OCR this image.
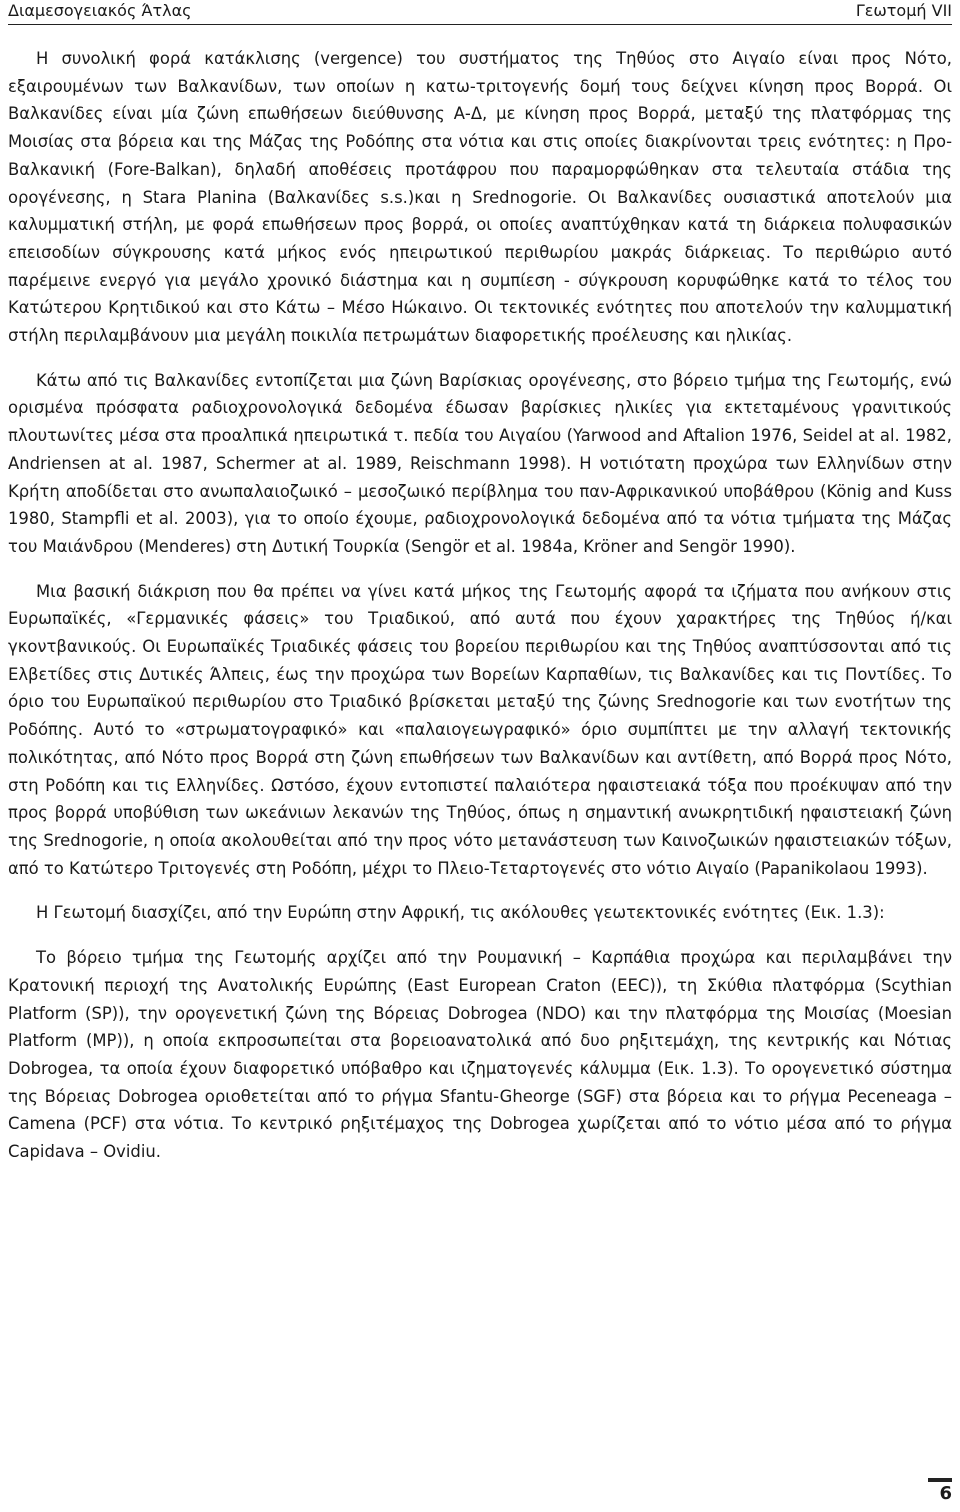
Διαμεσογειακός Άτλας	Γεωτομή VII

Η συνολική φορά κατάκλισης (vergence) του συστήματος της Τηθύος στο Αιγαίο είναι προς Νότο, εξαιρουμένων των Βαλκανίδων, των οποίων η κατω-τριτογενής δομή τους δείχνει κίνηση προς Βορρά. Οι Βαλκανίδες είναι μία ζώνη επωθήσεων διεύθυνσης Α-Δ, με κίνηση προς Βορρά, μεταξύ της πλατφόρμας της Μοισίας στα βόρεια και της Μάζας της Ροδόπης στα νότια και στις οποίες διακρίνονται τρεις ενότητες: η Προ-Βαλκανική (Fore-Balkan), δηλαδή αποθέσεις προτάφρου που παραμορφώθηκαν στα τελευταία στάδια της ορογένεσης, η Stara Planina (Βαλκανίδες s.s.)και η Srednogorie. Οι Βαλκανίδες ουσιαστικά αποτελούν μια καλυμματική στήλη, με φορά επωθήσεων προς βορρά, οι οποίες αναπτύχθηκαν κατά τη διάρκεια πολυφασικών επεισοδίων σύγκρουσης κατά μήκος ενός ηπειρωτικού περιθωρίου μακράς διάρκειας. Το περιθώριο αυτό παρέμεινε ενεργό για μεγάλο χρονικό διάστημα και η συμπίεση - σύγκρουση κορυφώθηκε κατά το τέλος του Κατώτερου Κρητιδικού και στο Κάτω – Μέσο Ηώκαινο. Οι τεκτονικές ενότητες που αποτελούν την καλυμματική στήλη περιλαμβάνουν μια μεγάλη ποικιλία πετρωμάτων διαφορετικής προέλευσης και ηλικίας.

Κάτω από τις Βαλκανίδες εντοπίζεται μια ζώνη Βαρίσκιας ορογένεσης, στο βόρειο τμήμα της Γεωτομής, ενώ ορισμένα πρόσφατα ραδιοχρονολογικά δεδομένα έδωσαν βαρίσκιες ηλικίες για εκτεταμένους γρανιτικούς πλουτωνίτες μέσα στα προαλπικά ηπειρωτικά τ. πεδία του Αιγαίου (Yarwood and Aftalion 1976, Seidel at al. 1982, Andriensen at al. 1987, Schermer at al. 1989, Reischmann 1998). Η νοτιότατη προχώρα των Ελληνίδων στην Κρήτη αποδίδεται στο ανωπαλαιοζωικό – μεσοζωικό περίβλημα του παν-Αφρικανικού υποβάθρου (König and Kuss 1980, Stampfli et al. 2003), για το οποίο έχουμε, ραδιοχρονολογικά δεδομένα από τα νότια τμήματα της Μάζας του Μαιάνδρου (Menderes) στη Δυτική Τουρκία (Sengör et al. 1984a, Kröner and Sengör 1990).

Μια βασική διάκριση που θα πρέπει να γίνει κατά μήκος της Γεωτομής αφορά τα ιζήματα που ανήκουν στις Ευρωπαϊκές, «Γερμανικές φάσεις» του Τριαδικού, από αυτά που έχουν χαρακτήρες της Τηθύος ή/και γκοντβανικούς. Οι Ευρωπαϊκές Τριαδικές φάσεις του βορείου περιθωρίου και της Τηθύος αναπτύσσονται από τις Ελβετίδες στις Δυτικές Άλπεις, έως την προχώρα των Βορείων Καρπαθίων, τις Βαλκανίδες και τις Ποντίδες. Το όριο του Ευρωπαϊκού περιθωρίου στο Τριαδικό βρίσκεται μεταξύ της ζώνης Srednogorie και των ενοτήτων της Ροδόπης. Αυτό το «στρωματογραφικό» και «παλαιογεωγραφικό» όριο συμπίπτει με την αλλαγή τεκτονικής πολικότητας, από Νότο προς Βορρά στη ζώνη επωθήσεων των Βαλκανίδων και αντίθετη, από Βορρά προς Νότο, στη Ροδόπη και τις Ελληνίδες. Ωστόσο, έχουν εντοπιστεί παλαιότερα ηφαιστειακά τόξα που προέκυψαν από την προς βορρά υποβύθιση των ωκεάνιων λεκανών της Τηθύος, όπως η σημαντική ανωκρητιδική ηφαιστειακή ζώνη της Srednogorie, η οποία ακολουθείται από την προς νότο μετανάστευση των Καινοζωικών ηφαιστειακών τόξων, από το Κατώτερο Τριτογενές στη Ροδόπη, μέχρι το Πλειο-Τεταρτογενές στο νότιο Αιγαίο (Papanikolaou 1993).

Η Γεωτομή διασχίζει, από την Ευρώπη στην Αφρική, τις ακόλουθες γεωτεκτονικές ενότητες (Εικ. 1.3):

Το βόρειο τμήμα της Γεωτομής αρχίζει από την Ρουμανική – Καρπάθια προχώρα και περιλαμβάνει την Κρατονική περιοχή της Ανατολικής Ευρώπης (East European Craton (EEC)), τη Σκύθια πλατφόρμα (Scythian Platform (SP)), την ορογενετική ζώνη της Βόρειας Dobrogea (NDO) και την πλατφόρμα της Μοισίας (Moesian Platform (MP)), η οποία εκπροσωπείται στα βορειοανατολικά από δυο ρηξιτεμάχη, της κεντρικής και Νότιας Dobrogea, τα οποία έχουν διαφορετικό υπόβαθρο και ιζηματογενές κάλυμμα (Εικ. 1.3). Το ορογενετικό σύστημα της Βόρειας Dobrogea οριοθετείται από το ρήγμα Sfantu-Gheorge (SGF) στα βόρεια και το ρήγμα Peceneaga – Camena (PCF) στα νότια. Το κεντρικό ρηξιτέμαχος της Dobrogea χωρίζεται από το νότιο μέσα από το ρήγμα Capidava – Ovidiu.

6
